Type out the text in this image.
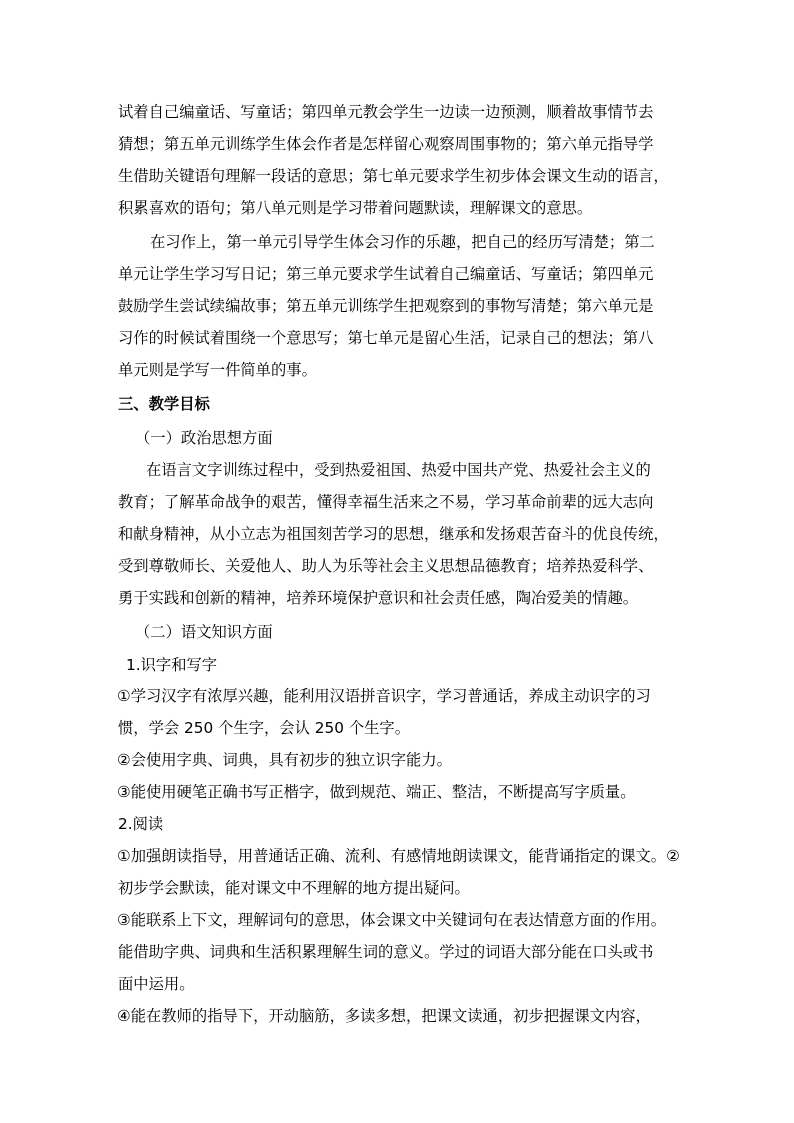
试着自己编童话、写童话；第四单元教会学生一边读一边预测，顺着故事情节去
猜想；第五单元训练学生体会作者是怎样留心观察周围事物的；第六单元指导学
生借助关键语句理解一段话的意思；第七单元要求学生初步体会课文生动的语言，
积累喜欢的语句；第八单元则是学习带着问题默读，理解课文的意思。
在习作上，第一单元引导学生体会习作的乐趣，把自己的经历写清楚；第二
单元让学生学习写日记；第三单元要求学生试着自己编童话、写童话；第四单元
鼓励学生尝试续编故事；第五单元训练学生把观察到的事物写清楚；第六单元是
习作的时候试着围绕一个意思写；第七单元是留心生活，记录自己的想法；第八
单元则是学写一件简单的事。
三、教学目标
（一）政治思想方面
在语言文字训练过程中，受到热爱祖国、热爱中国共产党、热爱社会主义的
教育；了解革命战争的艰苦，懂得幸福生活来之不易，学习革命前辈的远大志向
和献身精神，从小立志为祖国刻苦学习的思想，继承和发扬艰苦奋斗的优良传统，
受到尊敬师长、关爱他人、助人为乐等社会主义思想品德教育；培养热爱科学、
勇于实践和创新的精神，培养环境保护意识和社会责任感，陶冶爱美的情趣。
（二）语文知识方面
1.识字和写字
①学习汉字有浓厚兴趣，能利用汉语拼音识字，学习普通话，养成主动识字的习
惯，学会 250 个生字，会认 250 个生字。
②会使用字典、词典，具有初步的独立识字能力。
③能使用硬笔正确书写正楷字，做到规范、端正、整洁，不断提高写字质量。
2.阅读
①加强朗读指导，用普通话正确、流利、有感情地朗读课文，能背诵指定的课文。②
初步学会默读，能对课文中不理解的地方提出疑问。
③能联系上下文，理解词句的意思，体会课文中关键词句在表达情意方面的作用。
能借助字典、词典和生活积累理解生词的意义。学过的词语大部分能在口头或书
面中运用。
④能在教师的指导下，开动脑筋，多读多想，把课文读通，初步把握课文内容，
